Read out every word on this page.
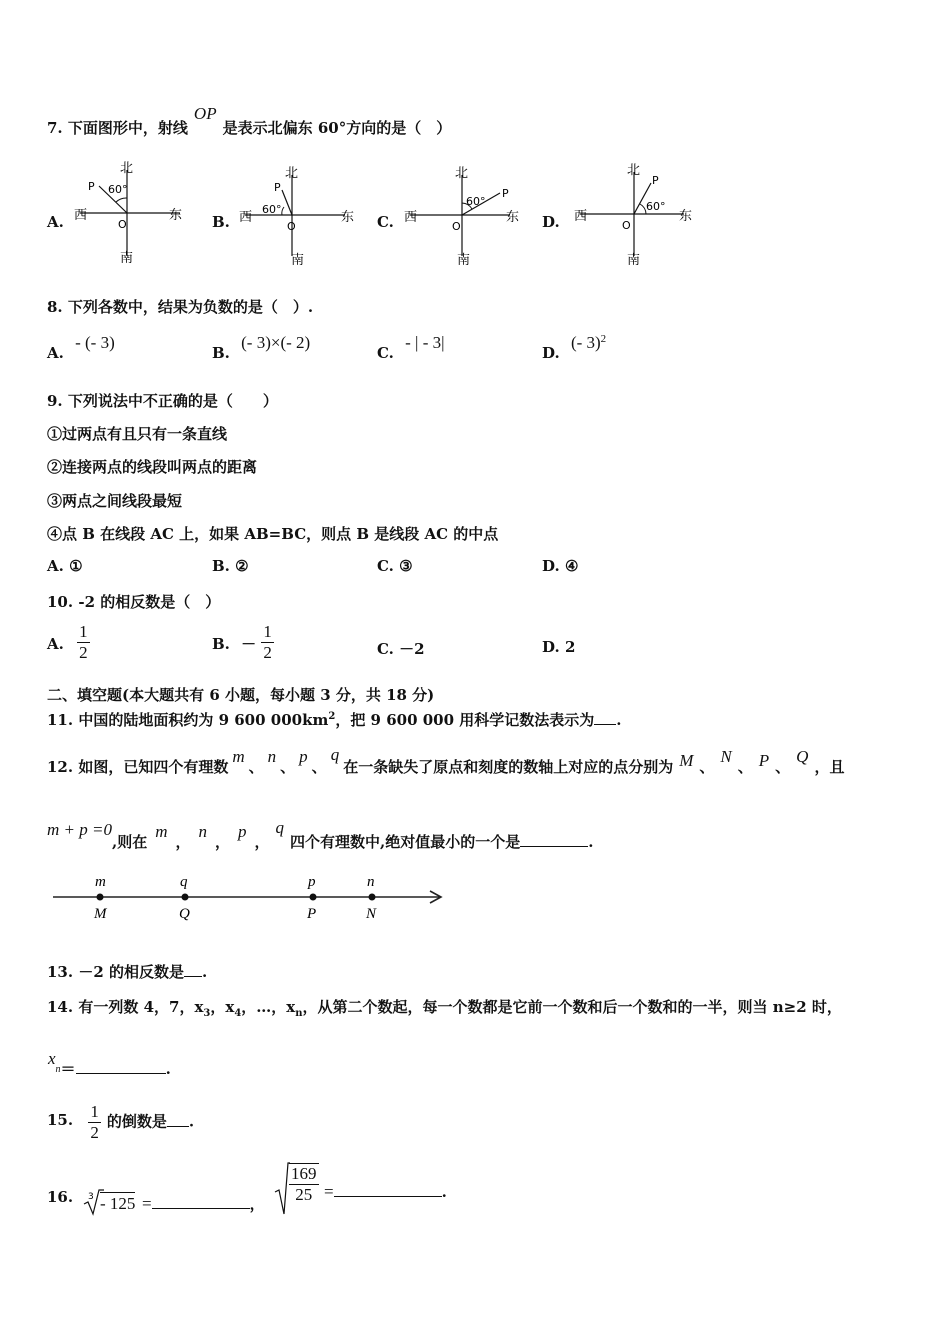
7. 下面图形中，射线OP是表示北偏东 60°方向的是（　）
A.	B.	C.	D.
北
南
西	东
P
O
60°
北
南
西	东
P
O
60°
北
南
西	东
P
O
60°
北
南
西	东
P
O
60°
8. 下列各数中，结果为负数的是（　）.
A. - (- 3)
B. (- 3)×(- 2)
C. - | - 3|
D. (- 3)$^2$
9. 下列说法中不正确的是（　　）
①过两点有且只有一条直线
②连接两点的线段叫两点的距离
③两点之间线段最短
④点 B 在线段 AC 上，如果 AB=BC，则点 B 是线段 AC 的中点
A. ①	B. ②	C. ③	D. ④
10. -2 的相反数是（　）
A. $\frac{1}{2}$	B. － $\frac{1}{2}$	C. －2	D. 2
二、填空题(本大题共有 6 小题，每小题 3 分，共 18 分)
11. 中国的陆地面积约为 9 600 $000km^2$，把 9 600 000 用科学记数法表示为 .
12. 如图，已知四个有理数m、n、p、q在一条缺失了原点和刻度的数轴上对应的点分别为 M 、N、 P 、Q，且
m + p =0,则在m，n，p，q四个有理数中,绝对值最小的一个是	.
m
M
q
Q
p
P
n
N
13. －2 的相反数是 .
14. 有一列数 4，7，$x_3$，$x_4$，…，$x_n$，从第二个数起，每一个数都是它前一个数和后一个数和的一半，则当 n≥2 时，
$x_n=$	.
15. $\frac{1}{2}$ 的倒数是 .
16. 3 - 125 =	， $\frac{169}{25}$ =	.
